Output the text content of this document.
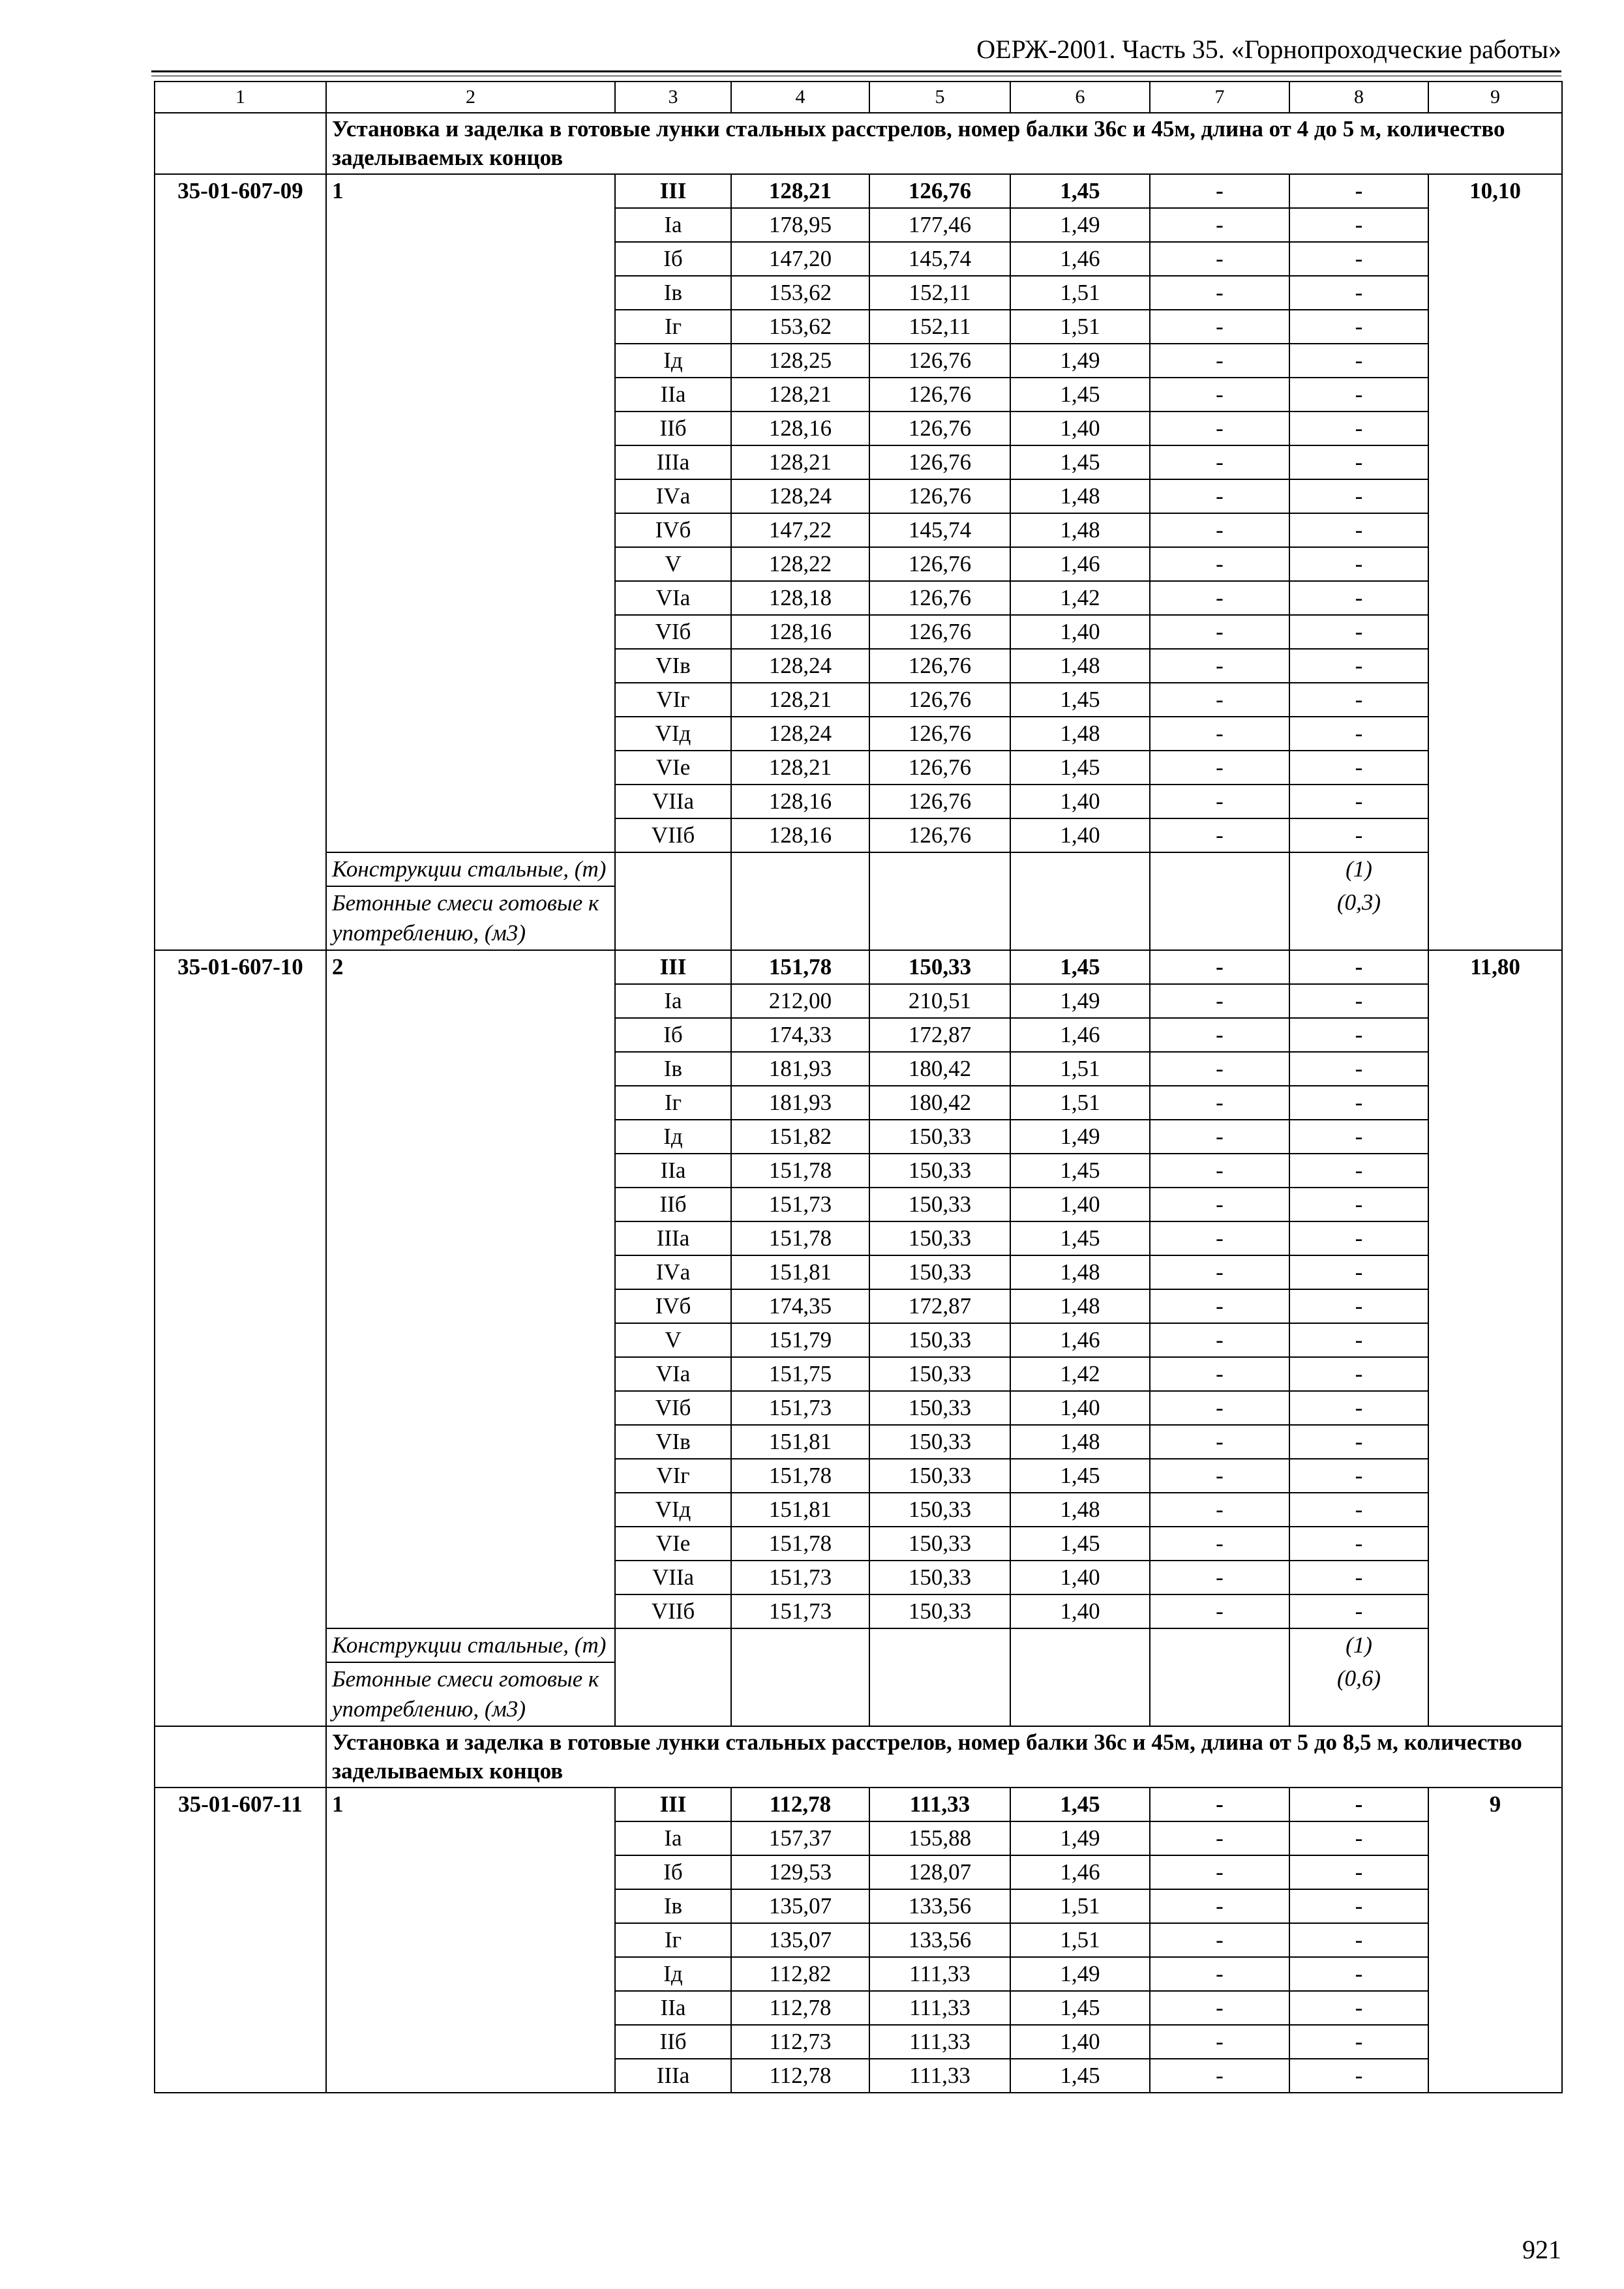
ОЕРЖ-2001. Часть 35. «Горнопроходческие работы»
1	2	3	4	5	6	7	8	9
	Установка и заделка в готовые лунки стальных расстрелов, номер балки 36с и 45м, длина от 4 до 5 м, количество заделываемых концов							
35-01-607-09	1	III	128,21	126,76	1,45	-	-	10,10
		Iа	178,95	177,46	1,49	-	-	
		Iб	147,20	145,74	1,46	-	-	
		Iв	153,62	152,11	1,51	-	-	
		Iг	153,62	152,11	1,51	-	-	
		Iд	128,25	126,76	1,49	-	-	
		IIа	128,21	126,76	1,45	-	-	
		IIб	128,16	126,76	1,40	-	-	
		IIIа	128,21	126,76	1,45	-	-	
		IVа	128,24	126,76	1,48	-	-	
		IVб	147,22	145,74	1,48	-	-	
		V	128,22	126,76	1,46	-	-	
		VIа	128,18	126,76	1,42	-	-	
		VIб	128,16	126,76	1,40	-	-	
		VIв	128,24	126,76	1,48	-	-	
		VIг	128,21	126,76	1,45	-	-	
		VIд	128,24	126,76	1,48	-	-	
		VIе	128,21	126,76	1,45	-	-	
		VIIа	128,16	126,76	1,40	-	-	
		VIIб	128,16	126,76	1,40	-	-	
	Конструкции стальные, (т)						(1)	
	Бетонные смеси готовые к употреблению, (м3)						(0,3)	
35-01-607-10	2	III	151,78	150,33	1,45	-	-	11,80
		Iа	212,00	210,51	1,49	-	-	
		Iб	174,33	172,87	1,46	-	-	
		Iв	181,93	180,42	1,51	-	-	
		Iг	181,93	180,42	1,51	-	-	
		Iд	151,82	150,33	1,49	-	-	
		IIа	151,78	150,33	1,45	-	-	
		IIб	151,73	150,33	1,40	-	-	
		IIIа	151,78	150,33	1,45	-	-	
		IVа	151,81	150,33	1,48	-	-	
		IVб	174,35	172,87	1,48	-	-	
		V	151,79	150,33	1,46	-	-	
		VIа	151,75	150,33	1,42	-	-	
		VIб	151,73	150,33	1,40	-	-	
		VIв	151,81	150,33	1,48	-	-	
		VIг	151,78	150,33	1,45	-	-	
		VIд	151,81	150,33	1,48	-	-	
		VIе	151,78	150,33	1,45	-	-	
		VIIа	151,73	150,33	1,40	-	-	
		VIIб	151,73	150,33	1,40	-	-	
	Конструкции стальные, (т)						(1)	
	Бетонные смеси готовые к употреблению, (м3)						(0,6)	
	Установка и заделка в готовые лунки стальных расстрелов, номер балки 36с и 45м, длина от 5 до 8,5 м, количество заделываемых концов							
35-01-607-11	1	III	112,78	111,33	1,45	-	-	9
		Iа	157,37	155,88	1,49	-	-	
		Iб	129,53	128,07	1,46	-	-	
		Iв	135,07	133,56	1,51	-	-	
		Iг	135,07	133,56	1,51	-	-	
		Iд	112,82	111,33	1,49	-	-	
		IIа	112,78	111,33	1,45	-	-	
		IIб	112,73	111,33	1,40	-	-	
		IIIа	112,78	111,33	1,45	-	-	
921
